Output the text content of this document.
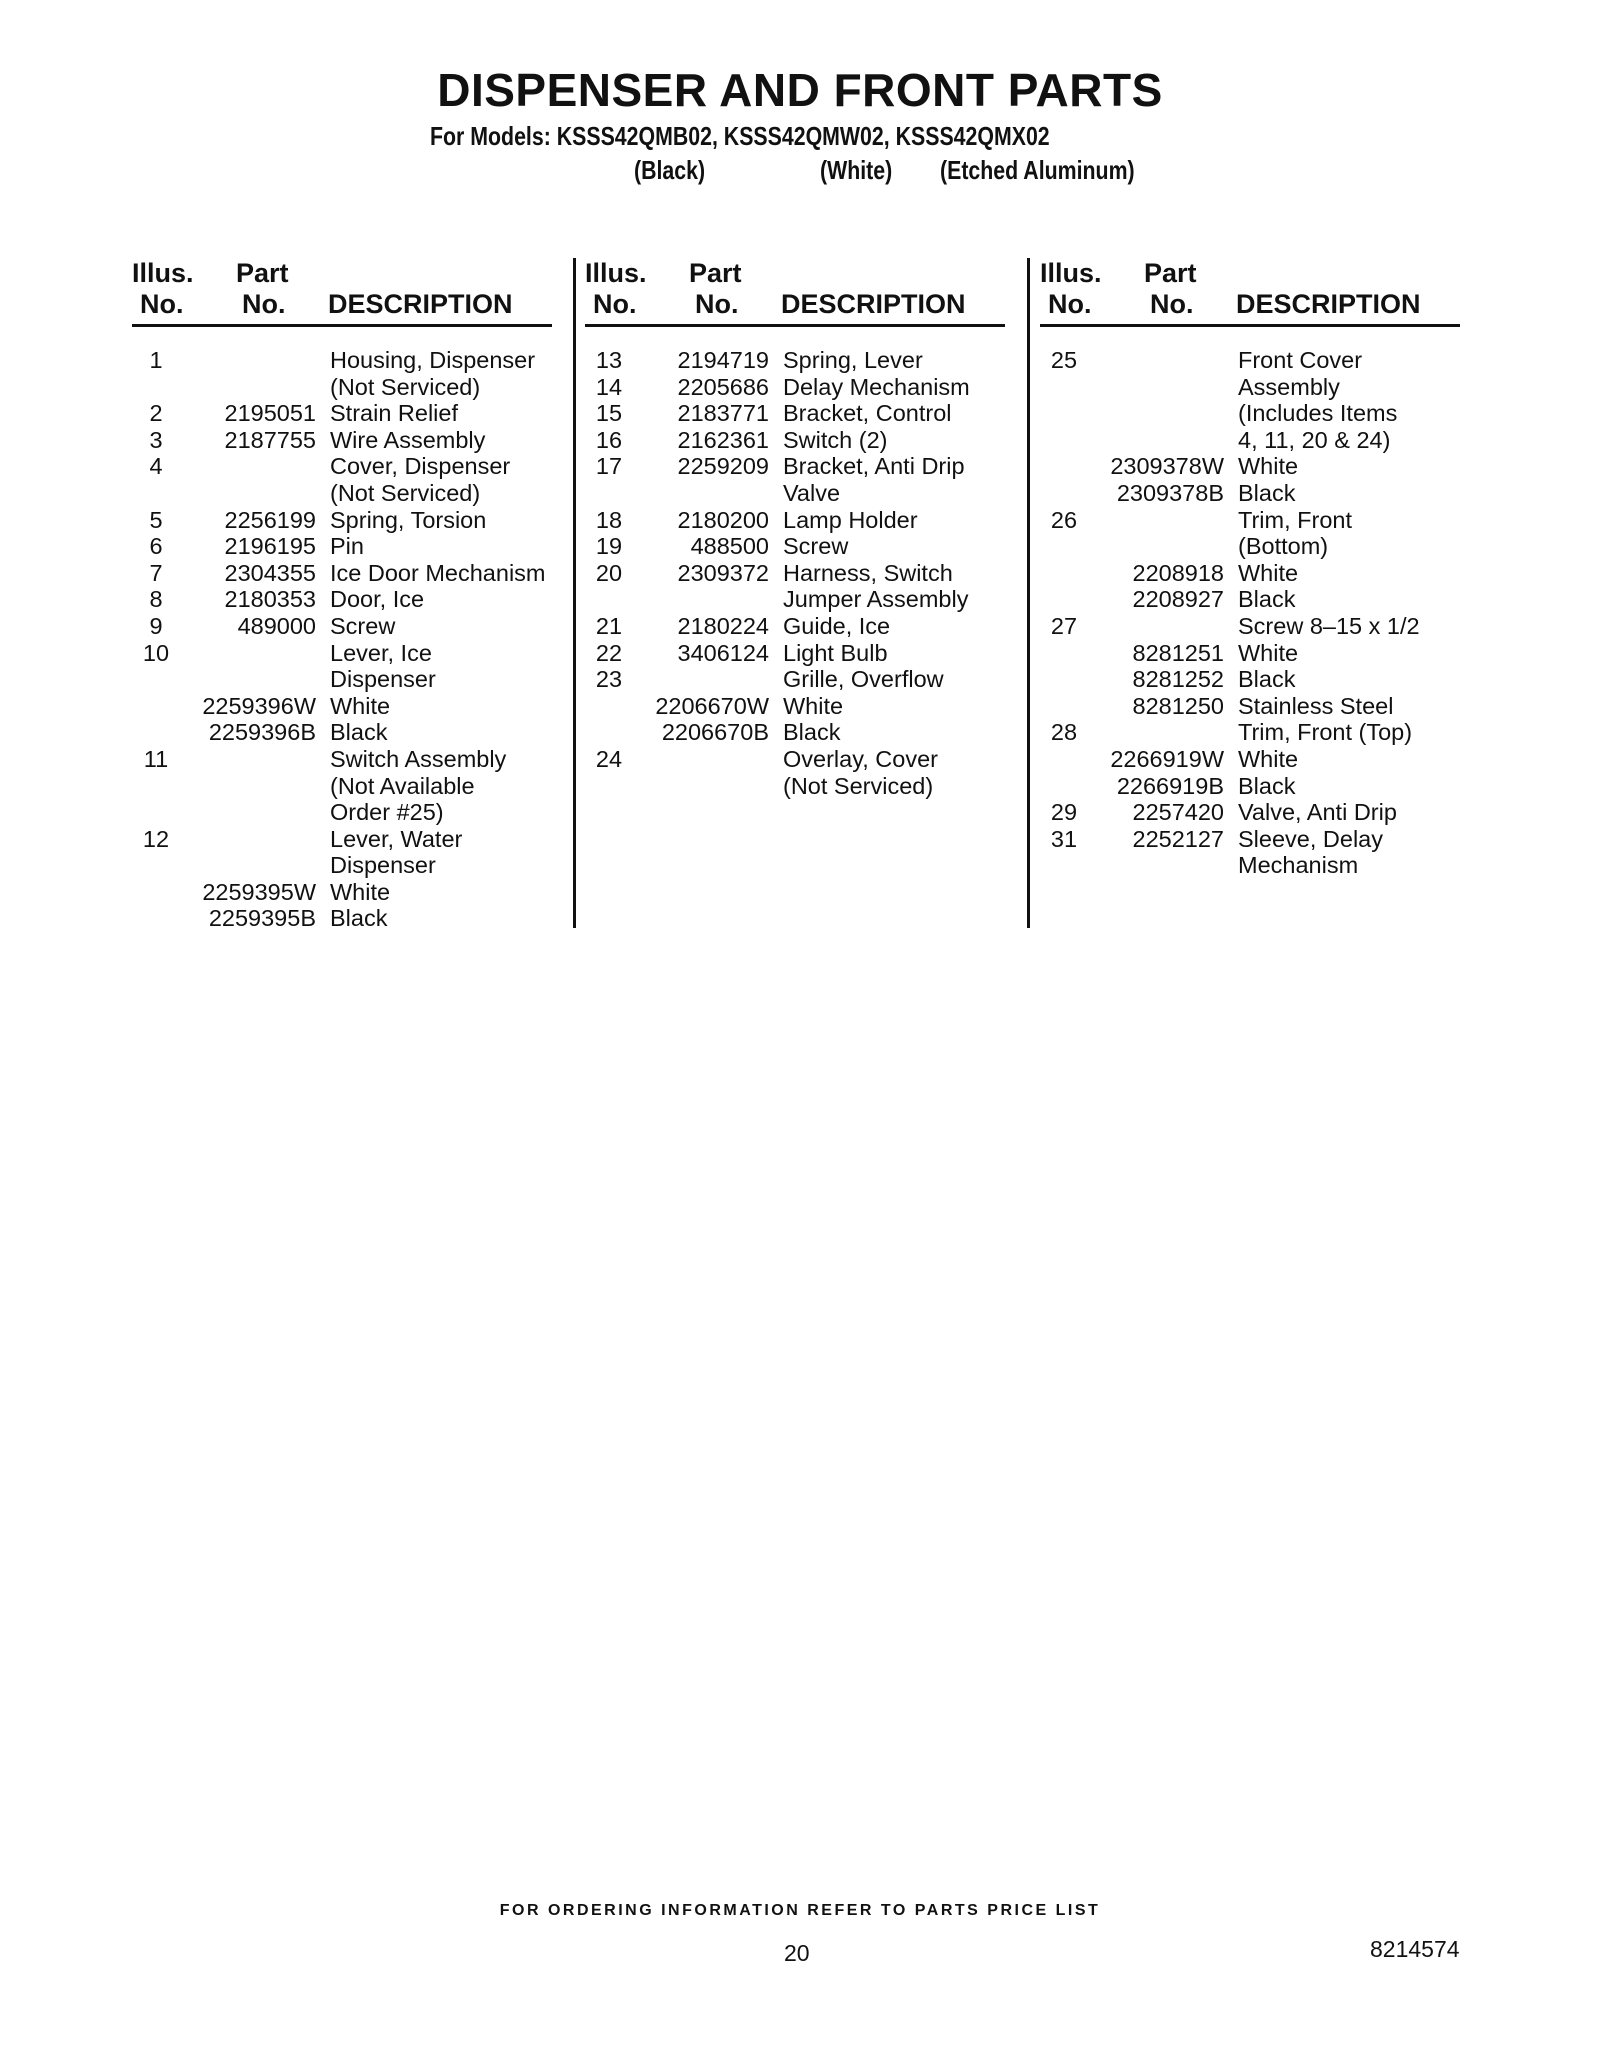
DISPENSER AND FRONT PARTS
For Models: KSSS42QMB02, KSSS42QMW02, KSSS42QMX02
(Black)	(White) (Etched Aluminum)
Illus.
No.
Part
No. DESCRIPTION
1	Housing, Dispenser
(Not Serviced)
2	2195051 Strain Relief
3	2187755 Wire Assembly
4	Cover, Dispenser
(Not Serviced)
5	2256199 Spring, Torsion
6	2196195 Pin
7	2304355 Ice Door Mechanism
8	2180353 Door, Ice
9	489000 Screw
10	Lever, Ice
Dispenser
2259396W White
2259396B Black
11	Switch Assembly
(Not Available
Order #25)
12	Lever, Water
Dispenser
2259395W White
2259395B Black
Illus.
No.
Part
No. DESCRIPTION
13	2194719 Spring, Lever
14	2205686 Delay Mechanism
15	2183771 Bracket, Control
16	2162361 Switch (2)
17	2259209 Bracket, Anti Drip
Valve
18	2180200 Lamp Holder
19	488500 Screw
20	2309372 Harness, Switch
Jumper Assembly
21	2180224 Guide, Ice
22	3406124 Light Bulb
23	Grille, Overflow
2206670W White
2206670B Black
24	Overlay, Cover
(Not Serviced)
Illus.
No.
Part
No. DESCRIPTION
25	Front Cover
Assembly
(Includes Items
4, 11, 20 & 24)
2309378W White
2309378B Black
26	Trim, Front
(Bottom)
2208918 White
2208927 Black
27	Screw 8–15 x 1/2
8281251 White
8281252 Black
8281250 Stainless Steel
28	Trim, Front (Top)
2266919W White
2266919B Black
29	2257420 Valve, Anti Drip
31	2252127 Sleeve, Delay
Mechanism
FOR ORDERING INFORMATION REFER TO PARTS PRICE LIST
20	8214574
